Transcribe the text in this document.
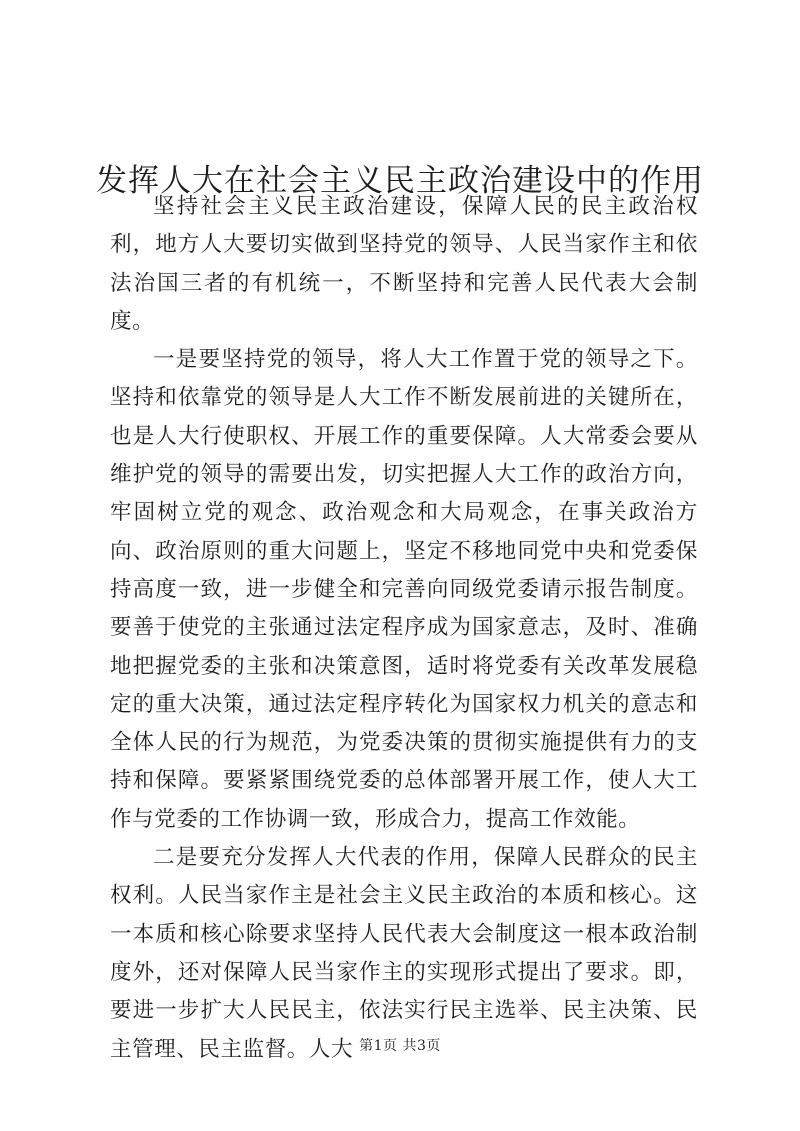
发挥人大在社会主义民主政治建设中的作用

坚持社会主义民主政治建设，保障人民的民主政治权利，地方人大要切实做到坚持党的领导、人民当家作主和依法治国三者的有机统一，不断坚持和完善人民代表大会制度。

一是要坚持党的领导，将人大工作置于党的领导之下。坚持和依靠党的领导是人大工作不断发展前进的关键所在，也是人大行使职权、开展工作的重要保障。人大常委会要从维护党的领导的需要出发，切实把握人大工作的政治方向，牢固树立党的观念、政治观念和大局观念，在事关政治方向、政治原则的重大问题上，坚定不移地同党中央和党委保持高度一致，进一步健全和完善向同级党委请示报告制度。要善于使党的主张通过法定程序成为国家意志，及时、准确地把握党委的主张和决策意图，适时将党委有关改革发展稳定的重大决策，通过法定程序转化为国家权力机关的意志和全体人民的行为规范，为党委决策的贯彻实施提供有力的支持和保障。要紧紧围绕党委的总体部署开展工作，使人大工作与党委的工作协调一致，形成合力，提高工作效能。

二是要充分发挥人大代表的作用，保障人民群众的民主权利。人民当家作主是社会主义民主政治的本质和核心。这一本质和核心除要求坚持人民代表大会制度这一根本政治制度外，还对保障人民当家作主的实现形式提出了要求。即，要进一步扩大人民民主，依法实行民主选举、民主决策、民主管理、民主监督。人大 第1页 共3页
